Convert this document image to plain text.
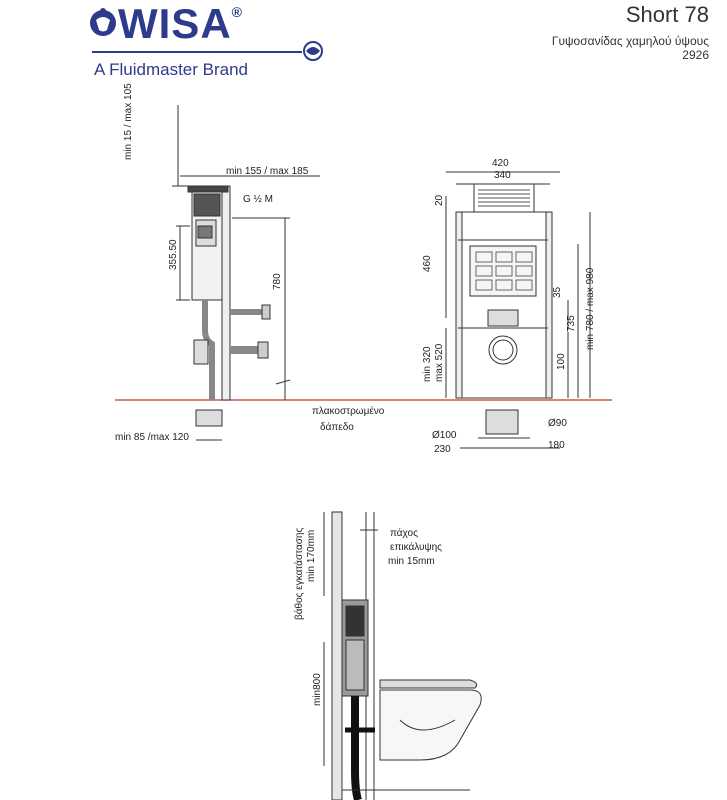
WISA®
A Fluidmaster Brand
Short 78
Γυψοσανίδας χαμηλού ύψους
2926
min 15 / max 105
min 155 / max 185
G ½ M
355.50
780
min 85 /max 120
πλακοστρωμένο
δάπεδο
420
340
20
460
35
735
100
min 780 / max 980
min 320 max 520
Ø90
Ø100
180
230
βάθος εγκατάστασης min 170mm	πάχος
επικάλυψης
min 15mm
min800
